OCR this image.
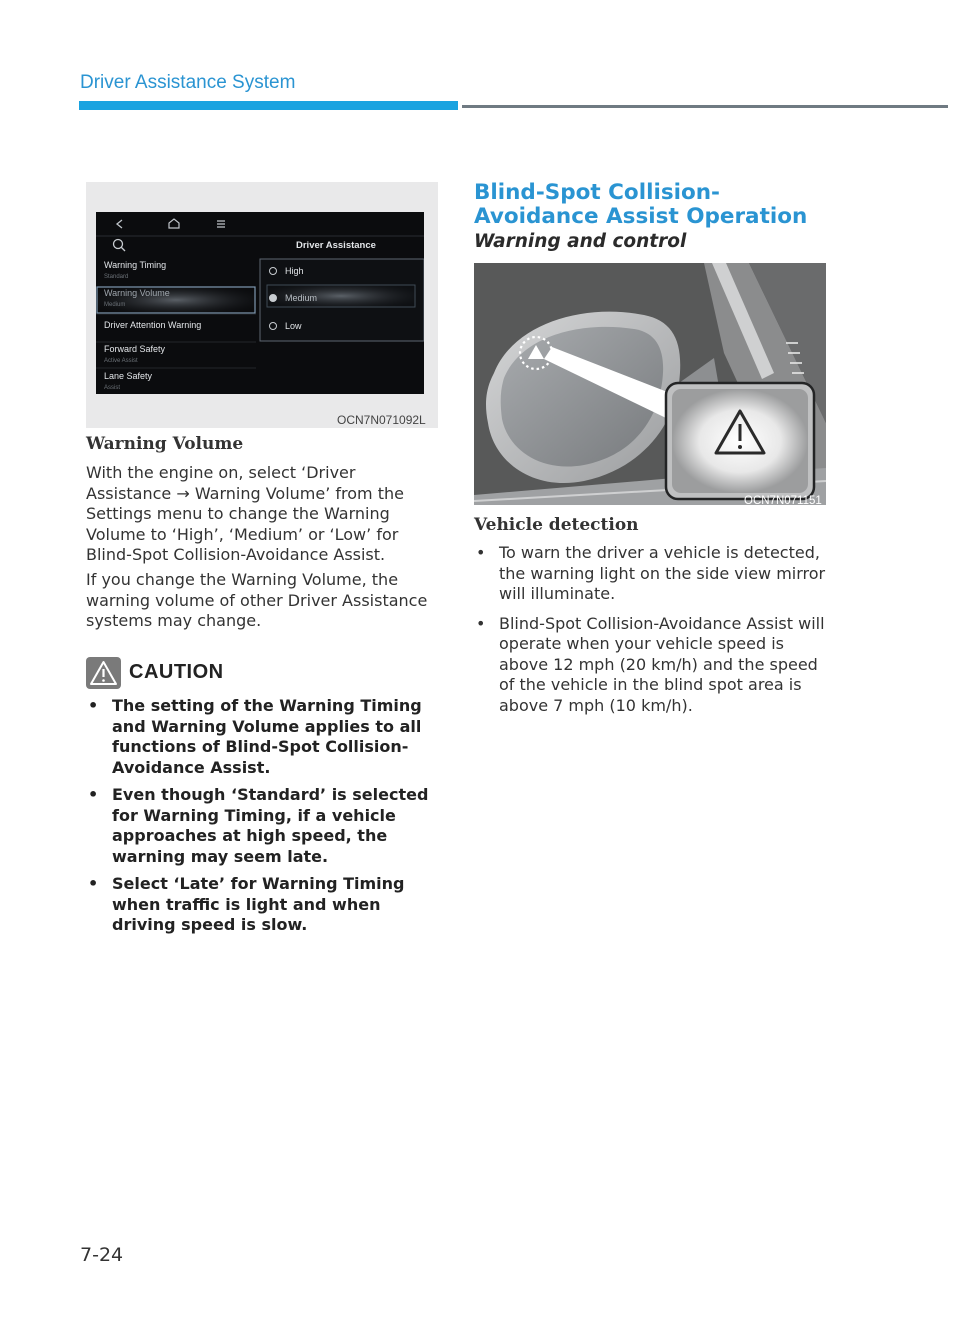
Driver Assistance System
Driver Assistance
Warning Timing
Standard
Warning Volume
Medium
Driver Attention Warning
Forward Safety
Active Assist
Lane Safety
Assist
High
Medium
Low
OCN7N071092L
Warning Volume

With the engine on, select ‘Driver Assistance → Warning Volume’ from the Settings menu to change the Warning Volume to ‘High’, ‘Medium’ or ‘Low’ for Blind-Spot Collision-Avoidance Assist.

If you change the Warning Volume, the warning volume of other Driver Assistance systems may change.

CAUTION
• The setting of the Warning Timing and Warning Volume applies to all functions of Blind-Spot Collision-Avoidance Assist.
• Even though ‘Standard’ is selected for Warning Timing, if a vehicle approaches at high speed, the warning may seem late.
• Select ‘Late’ for Warning Timing when traffic is light and when driving speed is slow.
Blind-Spot Collision-Avoidance Assist Operation
Warning and control
OCN7N071151
Vehicle detection
• To warn the driver a vehicle is detected, the warning light on the side view mirror will illuminate.
• Blind-Spot Collision-Avoidance Assist will operate when your vehicle speed is above 12 mph (20 km/h) and the speed of the vehicle in the blind spot area is above 7 mph (10 km/h).
7-24
